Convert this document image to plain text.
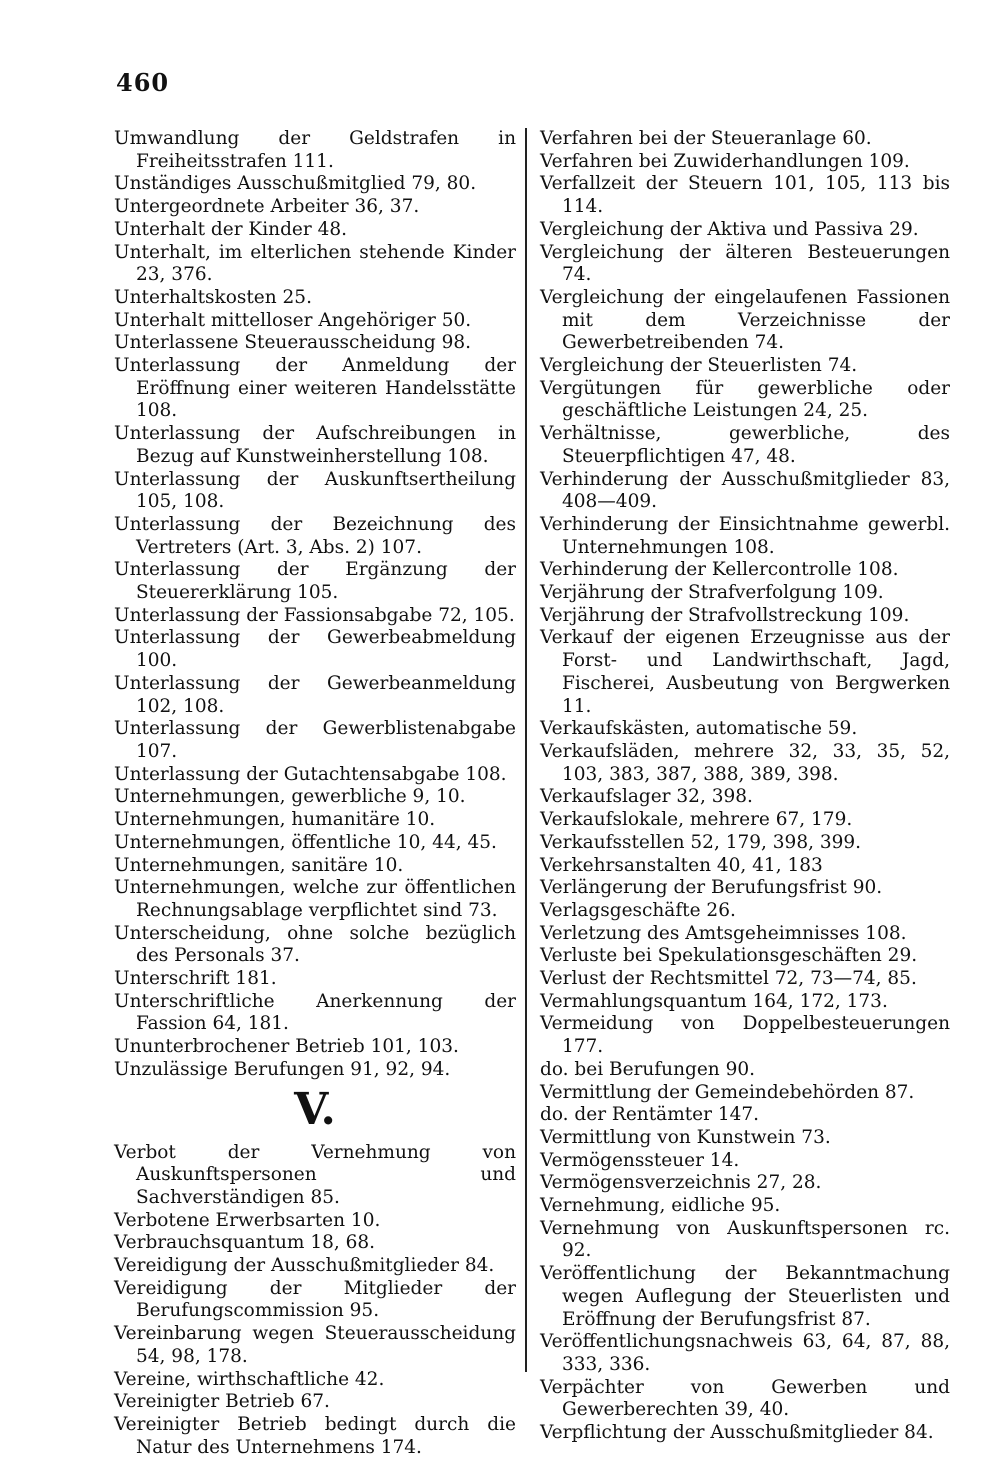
460

Umwandlung der Geldstrafen in Freiheitsstrafen 111.

Unständiges Ausschußmitglied 79, 80.

Untergeordnete Arbeiter 36, 37.

Unterhalt der Kinder 48.

Unterhalt, im elterlichen stehende Kinder 23, 376.

Unterhaltskosten 25.

Unterhalt mittelloser Angehöriger 50.

Unterlassene Steuerausscheidung 98.

Unterlassung der Anmeldung der Eröffnung einer weiteren Handelsstätte 108.

Unterlassung der Aufschreibungen in Bezug auf Kunstweinherstellung 108.

Unterlassung der Auskunftsertheilung 105, 108.

Unterlassung der Bezeichnung des Vertreters (Art. 3, Abs. 2) 107.

Unterlassung der Ergänzung der Steuererklärung 105.

Unterlassung der Fassionsabgabe 72, 105.

Unterlassung der Gewerbeabmeldung 100.

Unterlassung der Gewerbeanmeldung 102, 108.

Unterlassung der Gewerblistenabgabe 107.

Unterlassung der Gutachtensabgabe 108.

Unternehmungen, gewerbliche 9, 10.

Unternehmungen, humanitäre 10.

Unternehmungen, öffentliche 10, 44, 45.

Unternehmungen, sanitäre 10.

Unternehmungen, welche zur öffentlichen Rechnungsablage verpflichtet sind 73.

Unterscheidung, ohne solche bezüglich des Personals 37.

Unterschrift 181.

Unterschriftliche Anerkennung der Fassion 64, 181.

Ununterbrochener Betrieb 101, 103.

Unzulässige Berufungen 91, 92, 94.

V.

Verbot der Vernehmung von Auskunftspersonen und Sachverständigen 85.

Verbotene Erwerbsarten 10.

Verbrauchsquantum 18, 68.

Vereidigung der Ausschußmitglieder 84.

Vereidigung der Mitglieder der Berufungscommission 95.

Vereinbarung wegen Steuerausscheidung 54, 98, 178.

Vereine, wirthschaftliche 42.

Vereinigter Betrieb 67.

Vereinigter Betrieb bedingt durch die Natur des Unternehmens 174.

Verfahren bei der Steueranlage 60.

Verfahren bei Zuwiderhandlungen 109.

Verfallzeit der Steuern 101, 105, 113 bis 114.

Vergleichung der Aktiva und Passiva 29.

Vergleichung der älteren Besteuerungen 74.

Vergleichung der eingelaufenen Fassionen mit dem Verzeichnisse der Gewerbetreibenden 74.

Vergleichung der Steuerlisten 74.

Vergütungen für gewerbliche oder geschäftliche Leistungen 24, 25.

Verhältnisse, gewerbliche, des Steuerpflichtigen 47, 48.

Verhinderung der Ausschußmitglieder 83, 408—409.

Verhinderung der Einsichtnahme gewerbl. Unternehmungen 108.

Verhinderung der Kellercontrolle 108.

Verjährung der Strafverfolgung 109.

Verjährung der Strafvollstreckung 109.

Verkauf der eigenen Erzeugnisse aus der Forst- und Landwirthschaft, Jagd, Fischerei, Ausbeutung von Bergwerken 11.

Verkaufskästen, automatische 59.

Verkaufsläden, mehrere 32, 33, 35, 52, 103, 383, 387, 388, 389, 398.

Verkaufslager 32, 398.

Verkaufslokale, mehrere 67, 179.

Verkaufsstellen 52, 179, 398, 399.

Verkehrsanstalten 40, 41, 183

Verlängerung der Berufungsfrist 90.

Verlagsgeschäfte 26.

Verletzung des Amtsgeheimnisses 108.

Verluste bei Spekulationsgeschäften 29.

Verlust der Rechtsmittel 72, 73—74, 85.

Vermahlungsquantum 164, 172, 173.

Vermeidung von Doppelbesteuerungen 177.

do. bei Berufungen 90.

Vermittlung der Gemeindebehörden 87.

do. der Rentämter 147.

Vermittlung von Kunstwein 73.

Vermögenssteuer 14.

Vermögensverzeichnis 27, 28.

Vernehmung, eidliche 95.

Vernehmung von Auskunftspersonen rc. 92.

Veröffentlichung der Bekanntmachung wegen Auflegung der Steuerlisten und Eröffnung der Berufungsfrist 87.

Veröffentlichungsnachweis 63, 64, 87, 88, 333, 336.

Verpächter von Gewerben und Gewerberechten 39, 40.

Verpflichtung der Ausschußmitglieder 84.
